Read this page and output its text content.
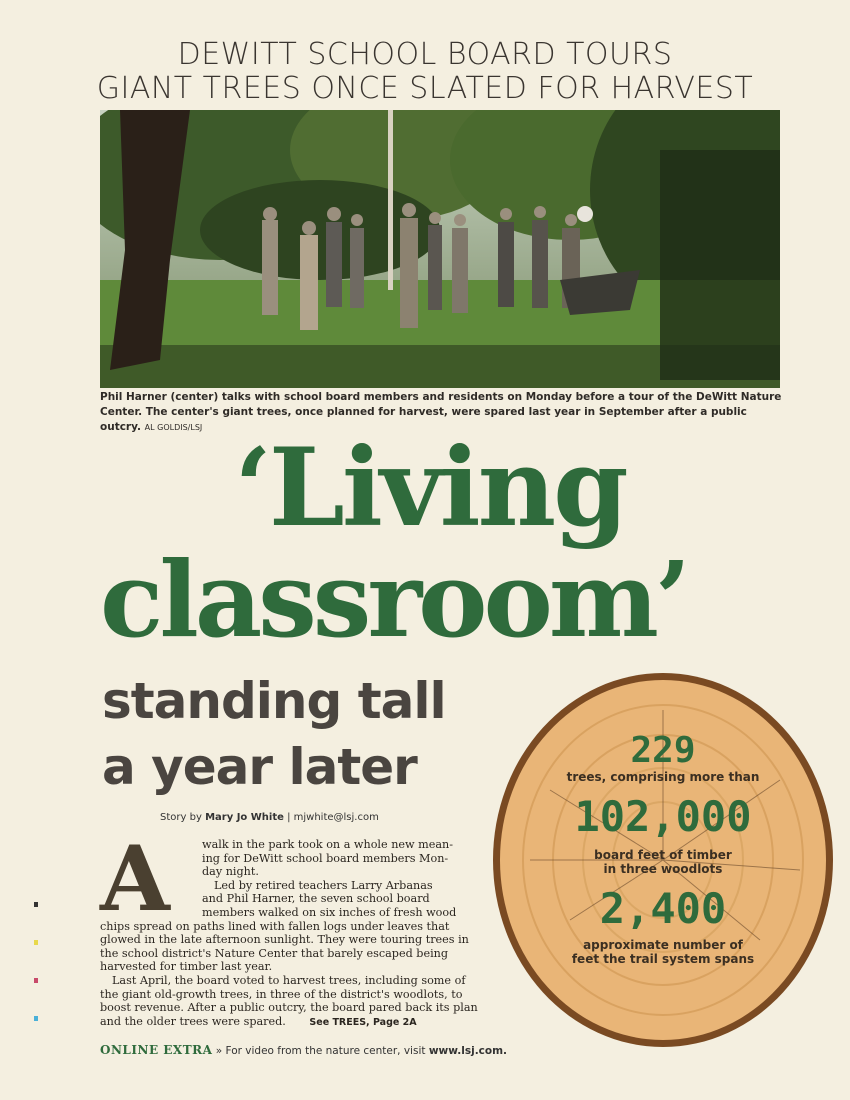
DEWITT SCHOOL BOARD TOURS
GIANT TREES ONCE SLATED FOR HARVEST
Phil Harner (center) talks with school board members and residents on Monday before a tour of the DeWitt Nature Center. The center's giant trees, once planned for harvest, were spared last year in September after a public outcry. AL GOLDIS/LSJ ‘Living
classroom’
standing tall
a year later
Story by Mary Jo White | mjwhite@lsj.com
A	walk in the park took on a whole new mean-
ing for DeWitt school board members Mon-
day night.
Led by retired teachers Larry Arbanas
and Phil Harner, the seven school board
members walked on six inches of fresh wood

chips spread on paths lined with fallen logs under leaves that glowed in the late afternoon sunlight. They were touring trees in the school district's Nature Center that barely escaped being harvested for timber last year.

Last April, the board voted to harvest trees, including some of the giant old-growth trees, in three of the district's woodlots, to boost revenue. After a public outcry, the board pared back its plan and the older trees were spared. See TREES, Page 2A

ONLINE EXTRA » For video from the nature center, visit www.lsj.com.
229
trees, comprising more than
102,000
board feet of timber
in three woodlots
2,400
approximate number of
feet the trail system spans
